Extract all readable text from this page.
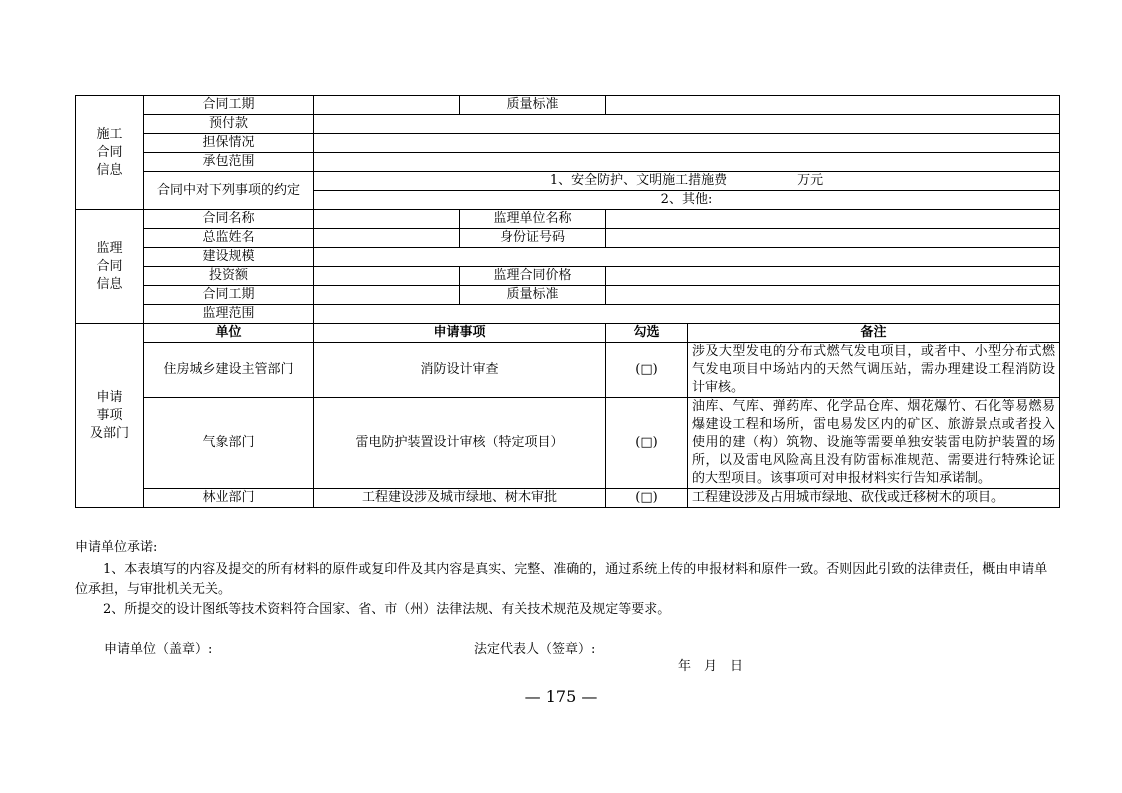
施工
合同
信息	合同工期		质量标准		
	预付款				
	担保情况				
	承包范围				
	合同中对下列事项的约定	1、安全防护、文明施工措施费 万元			
		2、其他:			
监理
合同
信息	合同名称		监理单位名称		
	总监姓名		身份证号码		
	建设规模				
	投资额		监理合同价格		
	合同工期		质量标准		
	监理范围				
申请
事项
及部门	单位	申请事项		勾选	备注
	住房城乡建设主管部门	消防设计审查		(□)	涉及大型发电的分布式燃气发电项目，或者中、小型分布式燃气发电项目中场站内的天然气调压站，需办理建设工程消防设计审核。
	气象部门	雷电防护装置设计审核（特定项目）		(□)	油库、气库、弹药库、化学品仓库、烟花爆竹、石化等易燃易爆建设工程和场所，雷电易发区内的矿区、旅游景点或者投入使用的建（构）筑物、设施等需要单独安装雷电防护装置的场所，以及雷电风险高且没有防雷标准规范、需要进行特殊论证的大型项目。该事项可对申报材料实行告知承诺制。
	林业部门	工程建设涉及城市绿地、树木审批		(□)	工程建设涉及占用城市绿地、砍伐或迁移树木的项目。
申请单位承诺:
1、本表填写的内容及提交的所有材料的原件或复印件及其内容是真实、完整、准确的，通过系统上传的申报材料和原件一致。否则因此引致的法律责任，概由申请单位承担，与审批机关无关。
2、所提交的设计图纸等技术资料符合国家、省、市（州）法律法规、有关技术规范及规定等要求。
申请单位（盖章）:	法定代表人（签章）:
年　月　日
— 175 —
